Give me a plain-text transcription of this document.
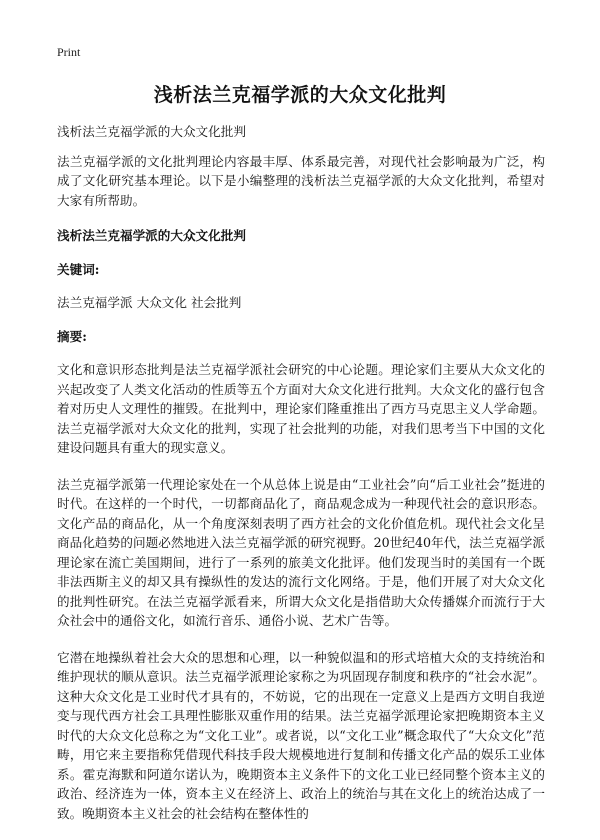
Print
浅析法兰克福学派的大众文化批判

浅析法兰克福学派的大众文化批判

法兰克福学派的文化批判理论内容最丰厚、体系最完善，对现代社会影响最为广泛，构成了文化研究基本理论。以下是小编整理的浅析法兰克福学派的大众文化批判，希望对大家有所帮助。

浅析法兰克福学派的大众文化批判

关键词:

法兰克福学派 大众文化 社会批判

摘要:

文化和意识形态批判是法兰克福学派社会研究的中心论题。理论家们主要从大众文化的兴起改变了人类文化活动的性质等五个方面对大众文化进行批判。大众文化的盛行包含着对历史人文理性的摧毁。在批判中，理论家们隆重推出了西方马克思主义人学命题。法兰克福学派对大众文化的批判，实现了社会批判的功能，对我们思考当下中国的文化建设问题具有重大的现实意义。

法兰克福学派第一代理论家处在一个从总体上说是由“工业社会”向“后工业社会”挺进的时代。在这样的一个时代，一切都商品化了，商品观念成为一种现代社会的意识形态。文化产品的商品化，从一个角度深刻表明了西方社会的文化价值危机。现代社会文化呈商品化趋势的问题必然地进入法兰克福学派的研究视野。20世纪40年代，法兰克福学派理论家在流亡美国期间，进行了一系列的旅美文化批评。他们发现当时的美国有一个既非法西斯主义的却又具有操纵性的发达的流行文化网络。于是，他们开展了对大众文化的批判性研究。在法兰克福学派看来，所谓大众文化是指借助大众传播媒介而流行于大众社会中的通俗文化，如流行音乐、通俗小说、艺术广告等。

它潜在地操纵着社会大众的思想和心理，以一种貌似温和的形式培植大众的支持统治和维护现状的顺从意识。法兰克福学派理论家称之为巩固现存制度和秩序的“社会水泥”。这种大众文化是工业时代才具有的，不妨说，它的出现在一定意义上是西方文明自我逆变与现代西方社会工具理性膨胀双重作用的结果。法兰克福学派理论家把晚期资本主义时代的大众文化总称之为“文化工业”。或者说，以“文化工业”概念取代了“大众文化”范畴，用它来主要指称凭借现代科技手段大规模地进行复制和传播文化产品的娱乐工业体系。霍克海默和阿道尔诺认为，晚期资本主义条件下的文化工业已经同整个资本主义的政治、经济连为一体，资本主义在经济上、政治上的统治与其在文化上的统治达成了一致。晚期资本主义社会的社会结构在整体性的
